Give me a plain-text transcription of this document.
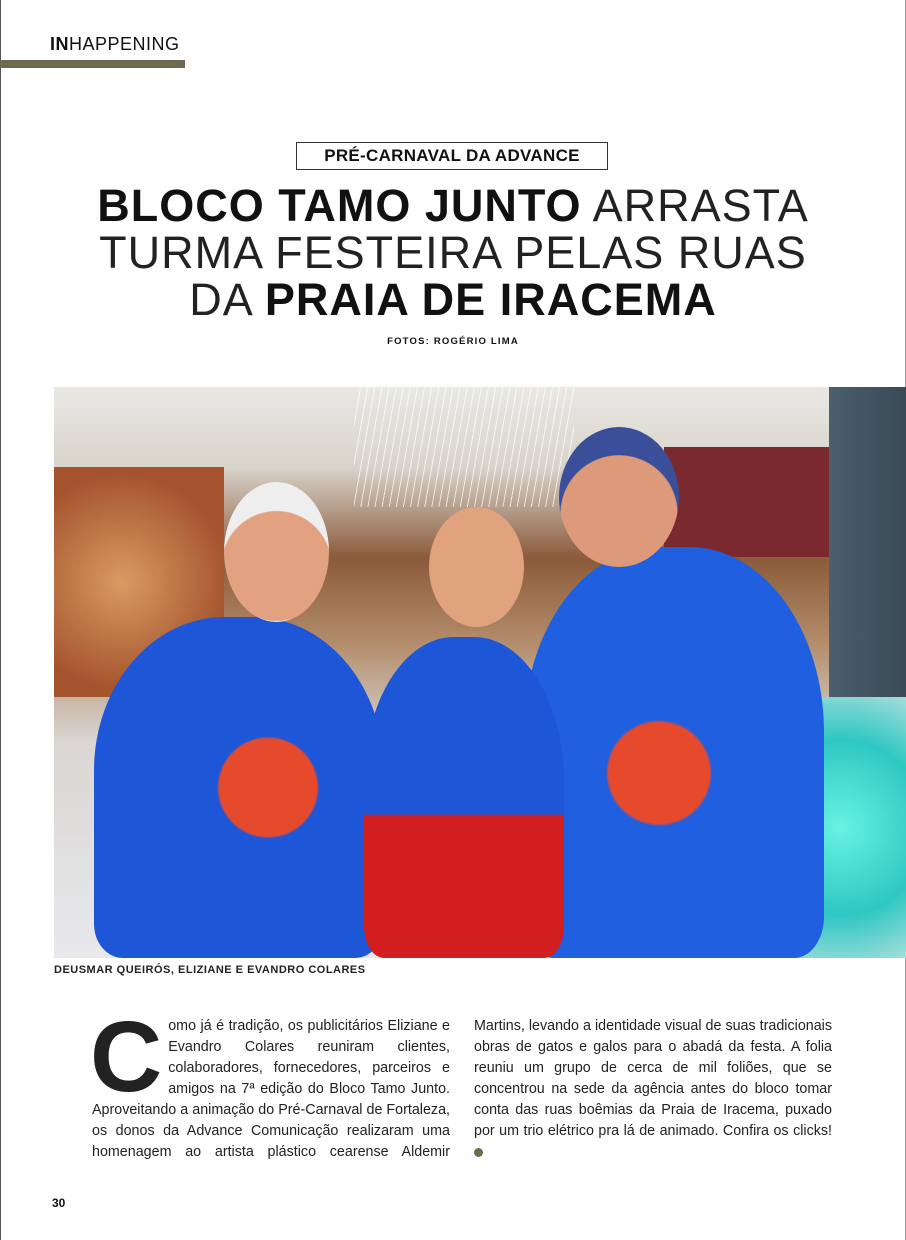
INHAPPENING
PRÉ-CARNAVAL DA ADVANCE
BLOCO TAMO JUNTO ARRASTA
TURMA FESTEIRA PELAS RUAS
DA PRAIA DE IRACEMA
FOTOS: ROGÉRIO LIMA
DEUSMAR QUEIRÓS, ELIZIANE E EVANDRO COLARES
Como já é tradição, os publicitários Eliziane e Evandro Colares reuniram clientes, colaboradores, fornecedores, parceiros e amigos na 7ª edição do Bloco Tamo Junto. Aproveitando a animação do Pré-Carnaval de Fortaleza, os donos da Advance Comunicação realizaram uma homenagem ao artista plástico cearense Aldemir Martins, levando a identidade visual de suas tradicionais obras de gatos e galos para o abadá da festa. A folia reuniu um grupo de cerca de mil foliões, que se concentrou na sede da agência antes do bloco tomar conta das ruas boêmias da Praia de Iracema, puxado por um trio elétrico pra lá de animado. Confira os clicks!
30
